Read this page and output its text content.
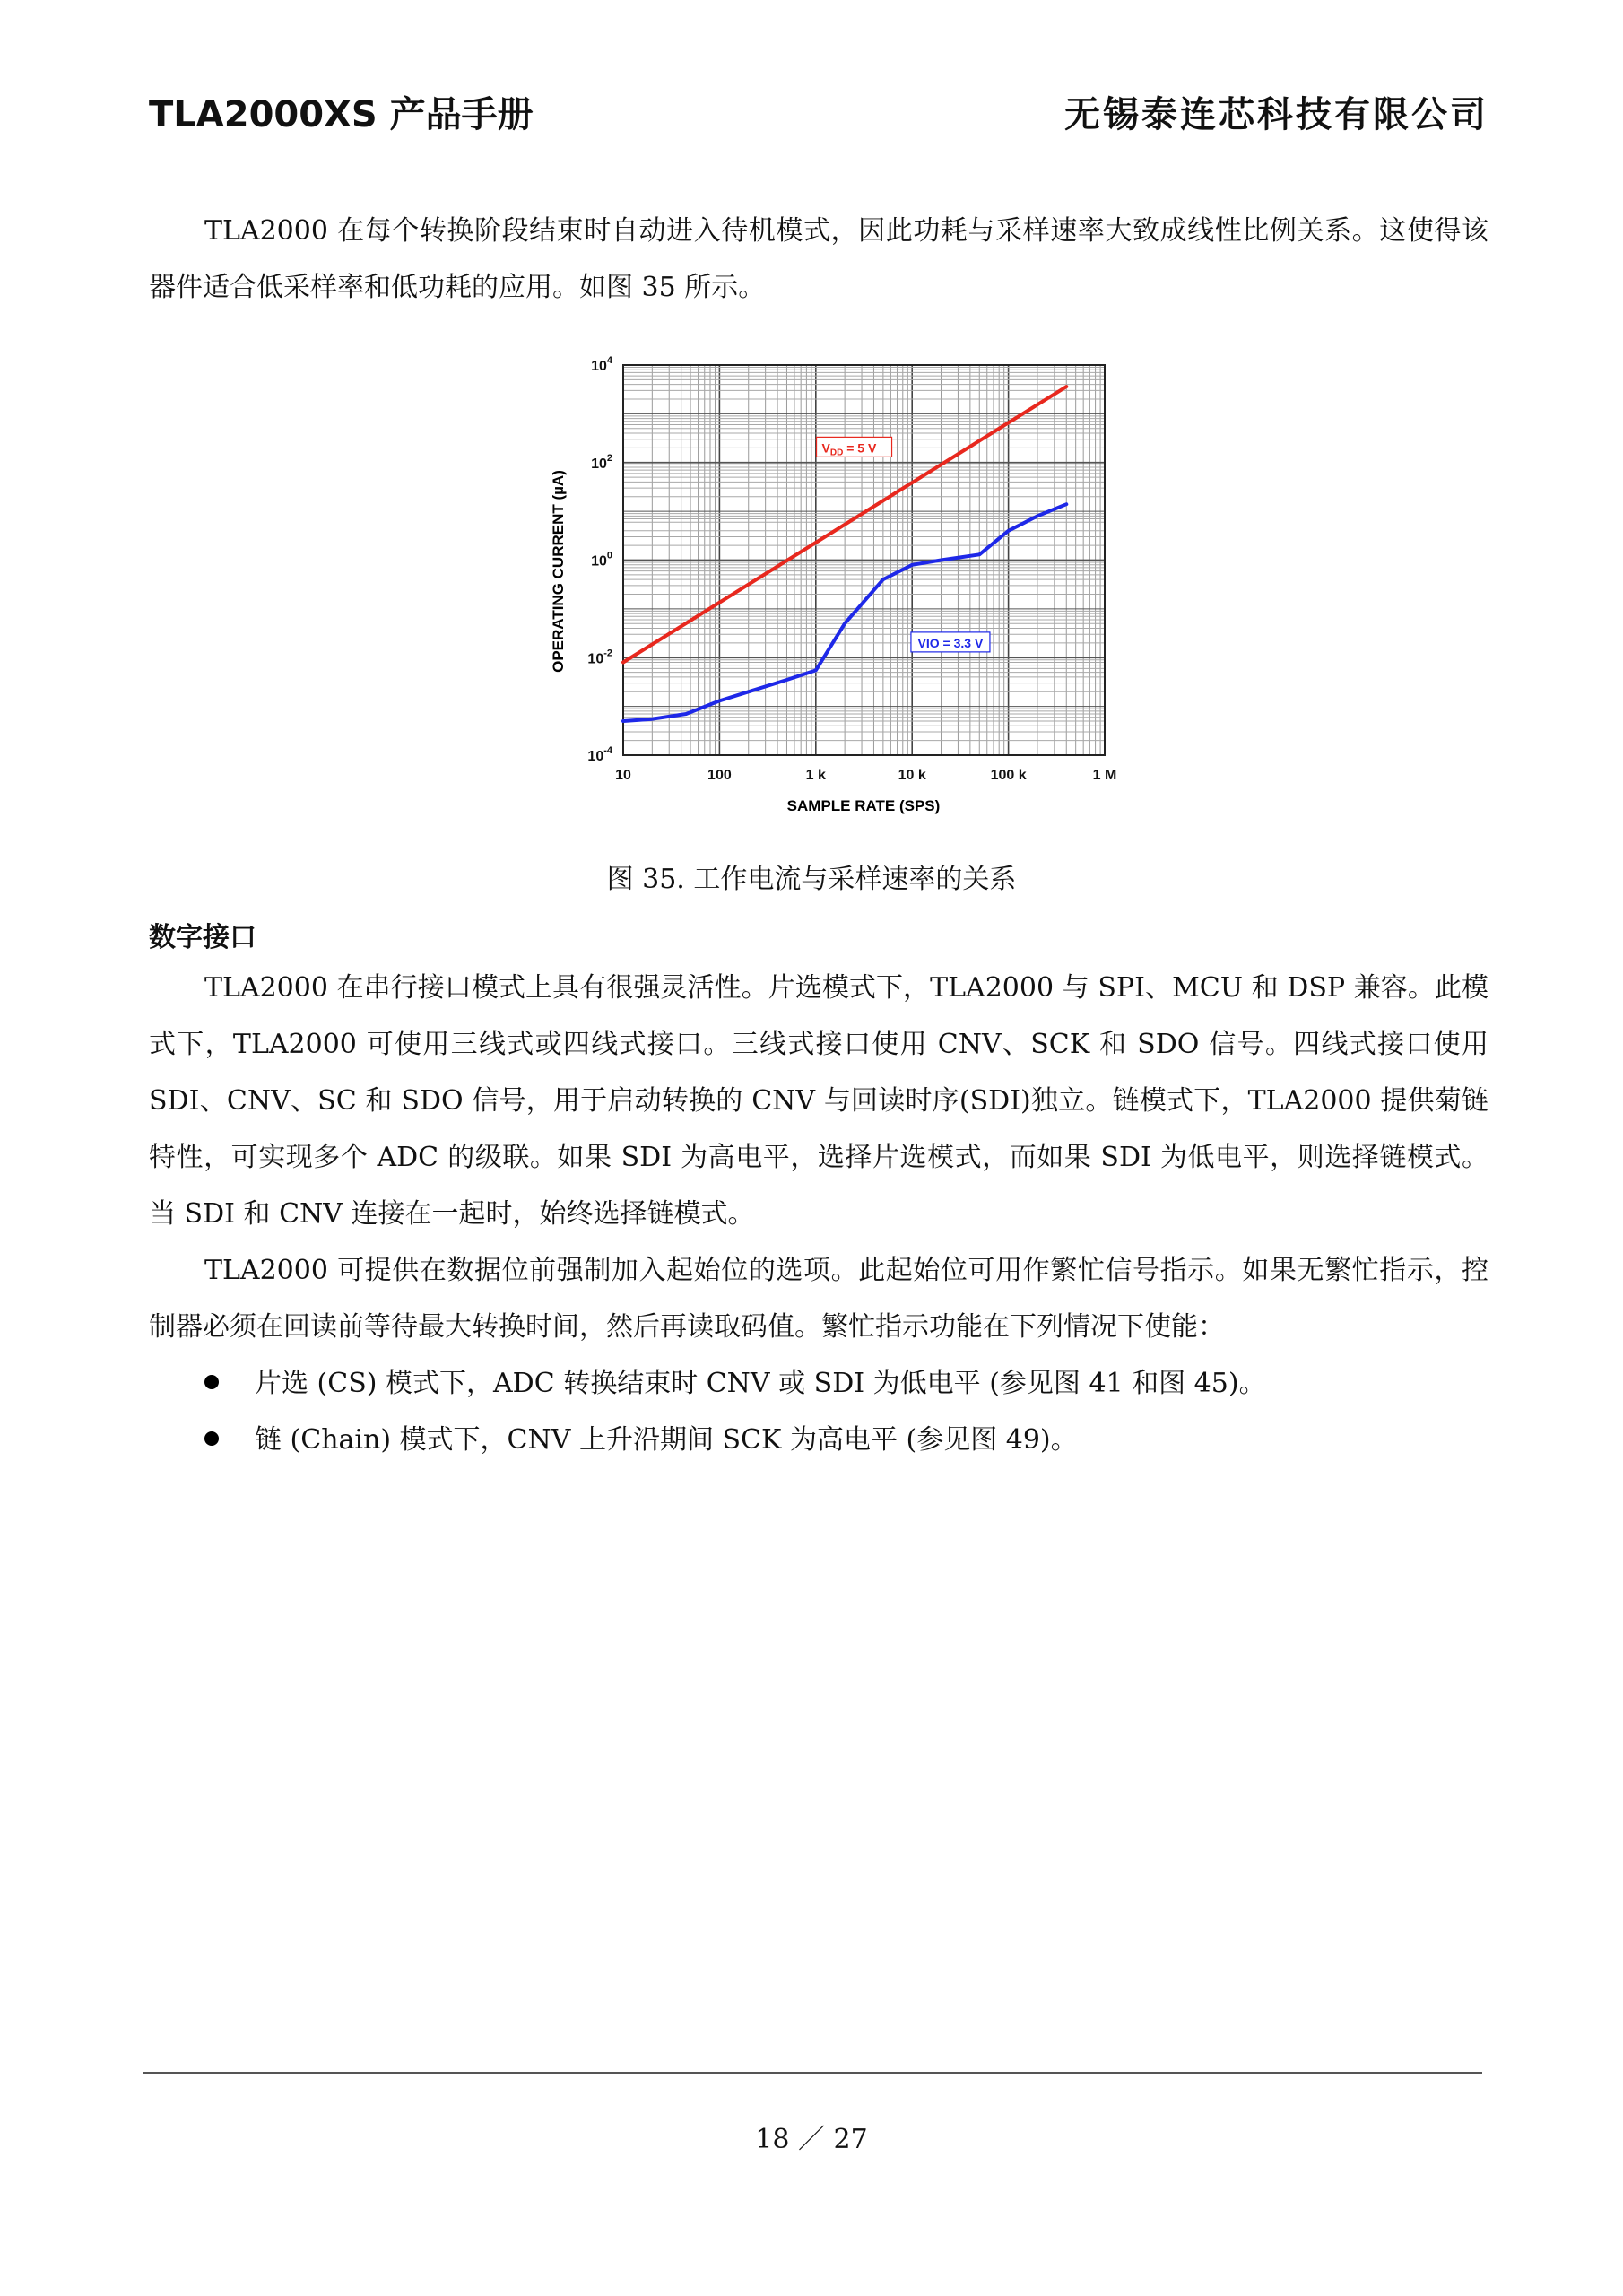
TLA2000XS 产品手册	无锡泰连芯科技有限公司

TLA2000 在每个转换阶段结束时自动进入待机模式，因此功耗与采样速率大致成线性比例关系。这使得该器件适合低采样率和低功耗的应用。如图 35 所示。

$V_{DD} = 5$ V
VIO = 3.3 V
10	100	1 k	10 k	100 k	1 M
$10^4$
$10^2$
$10^0$
$10^{-2}$
$10^{-4}$
SAMPLE RATE (SPS)
OPERATING CURRENT (µA)
图 35. 工作电流与采样速率的关系
数字接口

TLA2000 在串行接口模式上具有很强灵活性。片选模式下，TLA2000 与 SPI、MCU 和 DSP 兼容。此模式下，TLA2000 可使用三线式或四线式接口。三线式接口使用 CNV、SCK 和 SDO 信号。四线式接口使用 SDI、CNV、SC 和 SDO 信号，用于启动转换的 CNV 与回读时序(SDI)独立。链模式下，TLA2000 提供菊链特性，可实现多个 ADC 的级联。如果 SDI 为高电平，选择片选模式，而如果 SDI 为低电平，则选择链模式。当 SDI 和 CNV 连接在一起时，始终选择链模式。

TLA2000 可提供在数据位前强制加入起始位的选项。此起始位可用作繁忙信号指示。如果无繁忙指示，控制器必须在回读前等待最大转换时间，然后再读取码值。繁忙指示功能在下列情况下使能：

片选 (CS) 模式下，ADC 转换结束时 CNV 或 SDI 为低电平 (参见图 41 和图 45)。
链 (Chain) 模式下，CNV 上升沿期间 SCK 为高电平 (参见图 49)。
18 ／ 27
